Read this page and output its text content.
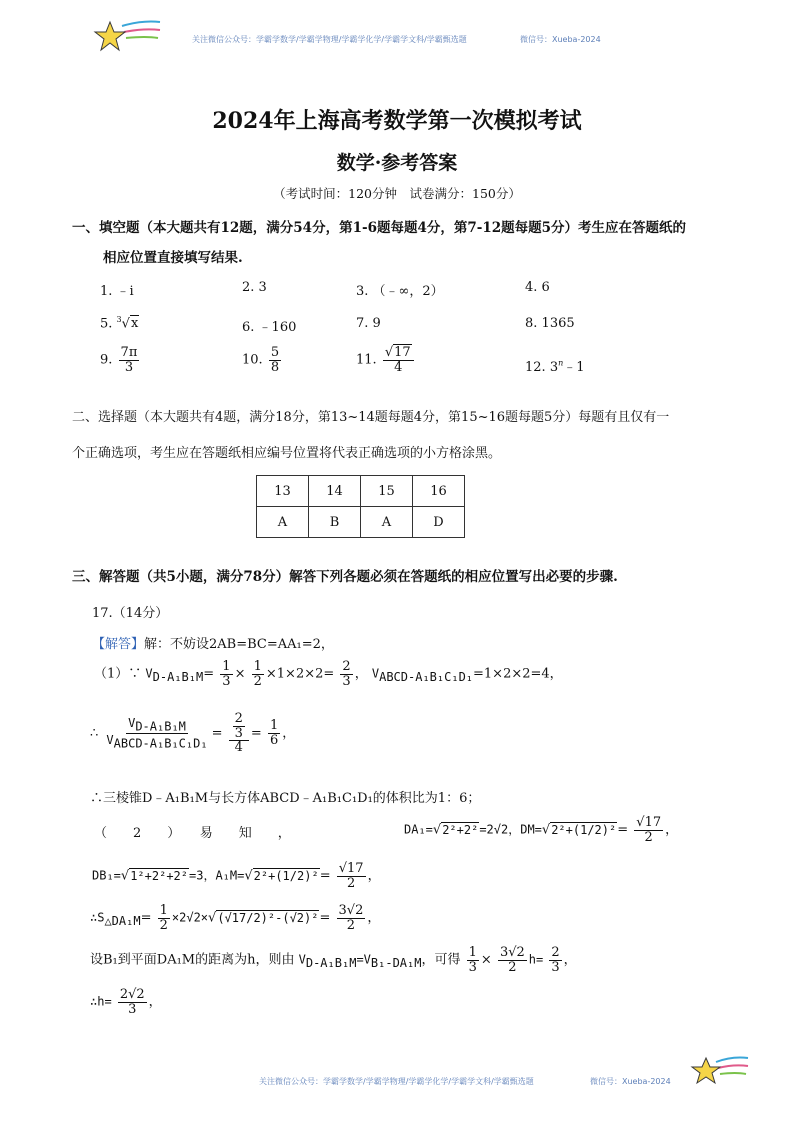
关注微信公众号：学霸学数学/学霸学物理/学霸学化学/学霸学文科/学霸甄选题	微信号：Xueba-2024
2024年上海高考数学第一次模拟考试
数学·参考答案
（考试时间：120分钟　试卷满分：150分）
一、填空题（本大题共有12题，满分54分，第1-6题每题4分，第7-12题每题5分）考生应在答题纸的
相应位置直接填写结果.
1. ﹣i	2. 3	3. （﹣∞，2）	4. 6
5. $^3$√x	6. ﹣160	7. 9	8. 1365
9. $\frac{7\pi}{3}$	10. $\frac{5}{8}$	11. $\frac{√17}{4}$	12. 3$^n$﹣1
二、选择题（本大题共有4题，满分18分，第13~14题每题4分，第15~16题每题5分）每题有且仅有一
个正确选项，考生应在答题纸相应编号位置将代表正确选项的小方格涂黑。
13	14	15	16
A	B	A	D
三、解答题（共5小题，满分78分）解答下列各题必须在答题纸的相应位置写出必要的步骤.
17.（14分）
【解答】解：不妨设2AB=BC=AA₁=2，
（1）∵ $V_{D-A_1B_1M}= \frac{1}{3} \times \frac{1}{2} \times 1\times 2\times 2= \frac{2}{3}$ ， $V_{ABCD-A_1B_1C_1D_1}=1\times 2\times 2=4$，
∴ $\frac{V_{D-A_1B_1M}}{V_{ABCD-A_1B_1C_1D_1}} = \frac{\frac{2}{3}}{4} = \frac{1}{6}$ ，
∴三棱锥D﹣A₁B₁M与长方体ABCD﹣A₁B₁C₁D₁的体积比为1：6；
（　　2　　）　　易　　知　　，	DA₁=√2²+2²=2√2，$DM=√2^2+(1/2)^2= \frac{√17}{2}$ ，
DB₁=√1²+2²+2²=3，$A_1M=√2^2+(1/2)^2= \frac{√17}{2}$ ，
$\therefore S_{\triangle DA_1M}= \frac{1}{2} \times 2√2\times√(√17/2)^2-(√2)^2= \frac{3√2}{2}$ ，
设B₁到平面DA₁M的距离为h，则由 $V_{D-A_1B_1M}=V_{B_1-DA_1M}$，可得 $\frac{1}{3} \times \frac{3√2}{2} h= \frac{2}{3}$ ，
∴h= $\frac{2√2}{3}$ ，
关注微信公众号：学霸学数学/学霸学物理/学霸学化学/学霸学文科/学霸甄选题	微信号：Xueba-2024
